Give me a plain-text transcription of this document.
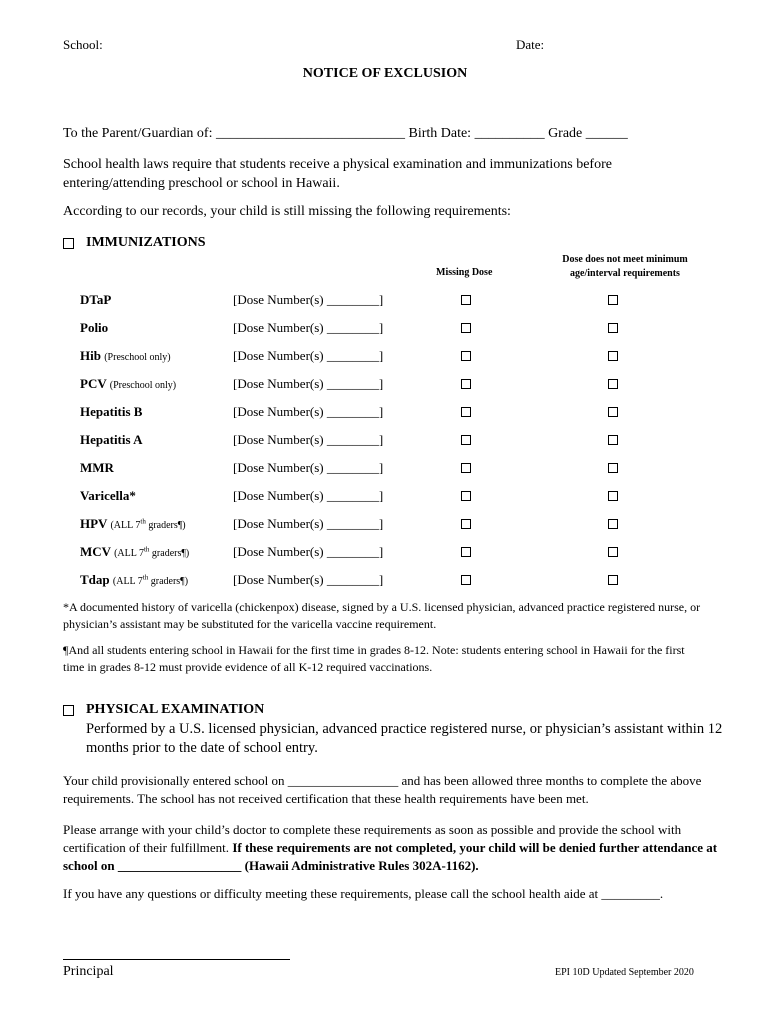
School:	Date:
NOTICE OF EXCLUSION
To the Parent/Guardian of: ___________________________ Birth Date: __________ Grade ______
School health laws require that students receive a physical examination and immunizations before entering/attending preschool or school in Hawaii.
According to our records, your child is still missing the following requirements:
IMMUNIZATIONS
Missing Dose
Dose does not meet minimum age/interval requirements
DTaP	[Dose Number(s) ________]
Polio	[Dose Number(s) ________]
Hib (Preschool only)	[Dose Number(s) ________]
PCV (Preschool only)	[Dose Number(s) ________]
Hepatitis B	[Dose Number(s) ________]
Hepatitis A	[Dose Number(s) ________]
MMR	[Dose Number(s) ________]
Varicella*	[Dose Number(s) ________]
HPV (ALL 7th graders¶)	[Dose Number(s) ________]
MCV (ALL 7th graders¶)	[Dose Number(s) ________]
Tdap (ALL 7th graders¶)	[Dose Number(s) ________]
*A documented history of varicella (chickenpox) disease, signed by a U.S. licensed physician, advanced practice registered nurse, or physician’s assistant may be substituted for the varicella vaccine requirement.
¶And all students entering school in Hawaii for the first time in grades 8-12. Note: students entering school in Hawaii for the first time in grades 8-12 must provide evidence of all K-12 required vaccinations.
PHYSICAL EXAMINATION
Performed by a U.S. licensed physician, advanced practice registered nurse, or physician’s assistant within 12 months prior to the date of school entry.
Your child provisionally entered school on _________________ and has been allowed three months to complete the above requirements. The school has not received certification that these health requirements have been met.
Please arrange with your child’s doctor to complete these requirements as soon as possible and provide the school with certification of their fulfillment. If these requirements are not completed, your child will be denied further attendance at school on ___________________ (Hawaii Administrative Rules 302A-1162).
If you have any questions or difficulty meeting these requirements, please call the school health aide at _________.
Principal	EPI 10D Updated September 2020
